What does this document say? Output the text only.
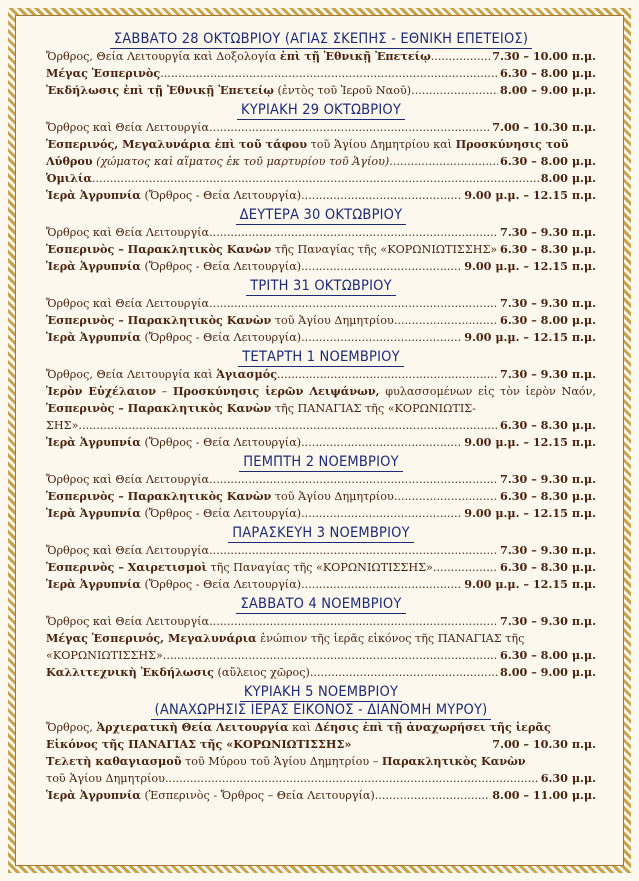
ΣΑΒΒΑΤΟ 28 ΟΚΤΩΒΡΙΟΥ (ΑΓΙΑΣ ΣΚΕΠΗΣ - ΕΘΝΙΚΗ ΕΠΕΤΕΙΟΣ)
Ὄρθρος, Θεία Λειτουργία καὶ Δοξολογία ἐπὶ τῇ Ἐθνικῇ Ἐπετείῳ .....	7.30 – 10.00 π.μ.
Μέγας Ἑσπερινὸς .....	6.30 – 8.00 μ.μ.
Ἐκδήλωσις ἐπὶ τῇ Ἐθνικῇ Ἐπετείῳ (ἐντὸς τοῦ Ἱεροῦ Ναοῦ) .....	8.00 – 9.00 μ.μ.
ΚΥΡΙΑΚΗ 29 ΟΚΤΩΒΡΙΟΥ
Ὄρθρος καὶ Θεία Λειτουργία .....	7.00 – 10.30 π.μ.
Ἑσπερινός, Μεγαλυνάρια ἐπὶ τοῦ τάφου τοῦ Ἁγίου Δημητρίου καὶ Προσκύνησις τοῦ
Λύθρου (χώματος καὶ αἵματος ἐκ τοῦ μαρτυρίου τοῦ Ἁγίου) .....	6.30 – 8.00 μ.μ.
Ὁμιλία .....	8.00 μ.μ.
Ἱερὰ Ἀγρυπνία (Ὄρθρος - Θεία Λειτουργία) .....	9.00 μ.μ. – 12.15 π.μ.
ΔΕΥΤΕΡΑ 30 ΟΚΤΩΒΡΙΟΥ
Ὄρθρος καὶ Θεία Λειτουργία .....	7.30 – 9.30 π.μ.
Ἑσπερινὸς – Παρακλητικὸς Κανὼν τῆς Παναγίας τῆς «ΚΟΡΩΝΙΩΤΙΣΣΗΣ» 6.30 – 8.30 μ.μ.
Ἱερὰ Ἀγρυπνία (Ὄρθρος - Θεία Λειτουργία) .....	9.00 μ.μ. – 12.15 π.μ.
ΤΡΙΤΗ 31 ΟΚΤΩΒΡΙΟΥ
Ὄρθρος καὶ Θεία Λειτουργία .....	7.30 – 9.30 π.μ.
Ἑσπερινὸς – Παρακλητικὸς Κανὼν τοῦ Ἁγίου Δημητρίου .....	6.30 – 8.00 μ.μ.
Ἱερὰ Ἀγρυπνία (Ὄρθρος - Θεία Λειτουργία) .....	9.00 μ.μ. – 12.15 π.μ.
ΤΕΤΑΡΤΗ 1 ΝΟΕΜΒΡΙΟΥ
Ὄρθρος, Θεία Λειτουργία καὶ Ἁγιασμός .....	7.30 – 9.30 π.μ.
Ἱερὸν Εὐχέλαιον – Προσκύνησις ἱερῶν Λειψάνων, φυλασσομένων εἰς τὸν ἱερὸν Ναόν, Ἑσπερινὸς – Παρακλητικὸς Κανὼν τῆς ΠΑΝΑΓΙΑΣ τῆς «ΚΟΡΩΝΙΩΤΙΣ-
ΣΗΣ» .....	6.30 – 8.30 μ.μ.
Ἱερὰ Ἀγρυπνία (Ὄρθρος - Θεία Λειτουργία) .....	9.00 μ.μ. – 12.15 π.μ.
ΠΕΜΠΤΗ 2 ΝΟΕΜΒΡΙΟΥ
Ὄρθρος καὶ Θεία Λειτουργία .....	7.30 – 9.30 π.μ.
Ἑσπερινὸς – Παρακλητικὸς Κανὼν τοῦ Ἁγίου Δημητρίου .....	6.30 – 8.30 μ.μ.
Ἱερὰ Ἀγρυπνία (Ὄρθρος - Θεία Λειτουργία) .....	9.00 μ.μ. – 12.15 π.μ.
ΠΑΡΑΣΚΕΥΗ 3 ΝΟΕΜΒΡΙΟΥ
Ὄρθρος καὶ Θεία Λειτουργία .....	7.30 – 9.30 π.μ.
Ἑσπερινὸς – Χαιρετισμοὶ τῆς Παναγίας τῆς «ΚΟΡΩΝΙΩΤΙΣΣΗΣ» .....	6.30 – 8.30 μ.μ.
Ἱερὰ Ἀγρυπνία (Ὄρθρος - Θεία Λειτουργία) .....	9.00 μ.μ. – 12.15 π.μ.
ΣΑΒΒΑΤΟ 4 ΝΟΕΜΒΡΙΟΥ
Ὄρθρος καὶ Θεία Λειτουργία .....	7.30 – 9.30 π.μ.
Μέγας Ἑσπερινός, Μεγαλυνάρια ἐνώπιον τῆς ἱερᾶς εἰκόνος τῆς ΠΑΝΑΓΙΑΣ τῆς
«ΚΟΡΩΝΙΩΤΙΣΣΗΣ» .....	6.30 – 8.00 μ.μ.
Καλλιτεχνικὴ Ἐκδήλωσις (αὔλειος χῶρος) .....	8.00 – 9.00 μ.μ.
ΚΥΡΙΑΚΗ 5 ΝΟΕΜΒΡΙΟΥ
(ΑΝΑΧΩΡΗΣΙΣ ΙΕΡΑΣ ΕΙΚΟΝΟΣ - ΔΙΑΝΟΜΗ ΜΥΡΟΥ)
Ὄρθρος, Ἀρχιερατικὴ Θεία Λειτουργία καὶ Δέησις ἐπὶ τῇ ἀναχωρήσει τῆς ἱερᾶς
Εἰκόνος τῆς ΠΑΝΑΓΙΑΣ τῆς «ΚΟΡΩΝΙΩΤΙΣΣΗΣ»	7.00 – 10.30 π.μ.
Τελετὴ καθαγιασμοῦ τοῦ Μύρου τοῦ Ἁγίου Δημητρίου – Παρακλητικὸς Κανὼν
τοῦ Ἁγίου Δημητρίου .....	6.30 μ.μ.
Ἱερὰ Ἀγρυπνία (Ἑσπερινὸς - Ὄρθρος – Θεία Λειτουργία) .....	8.00 – 11.00 μ.μ.
